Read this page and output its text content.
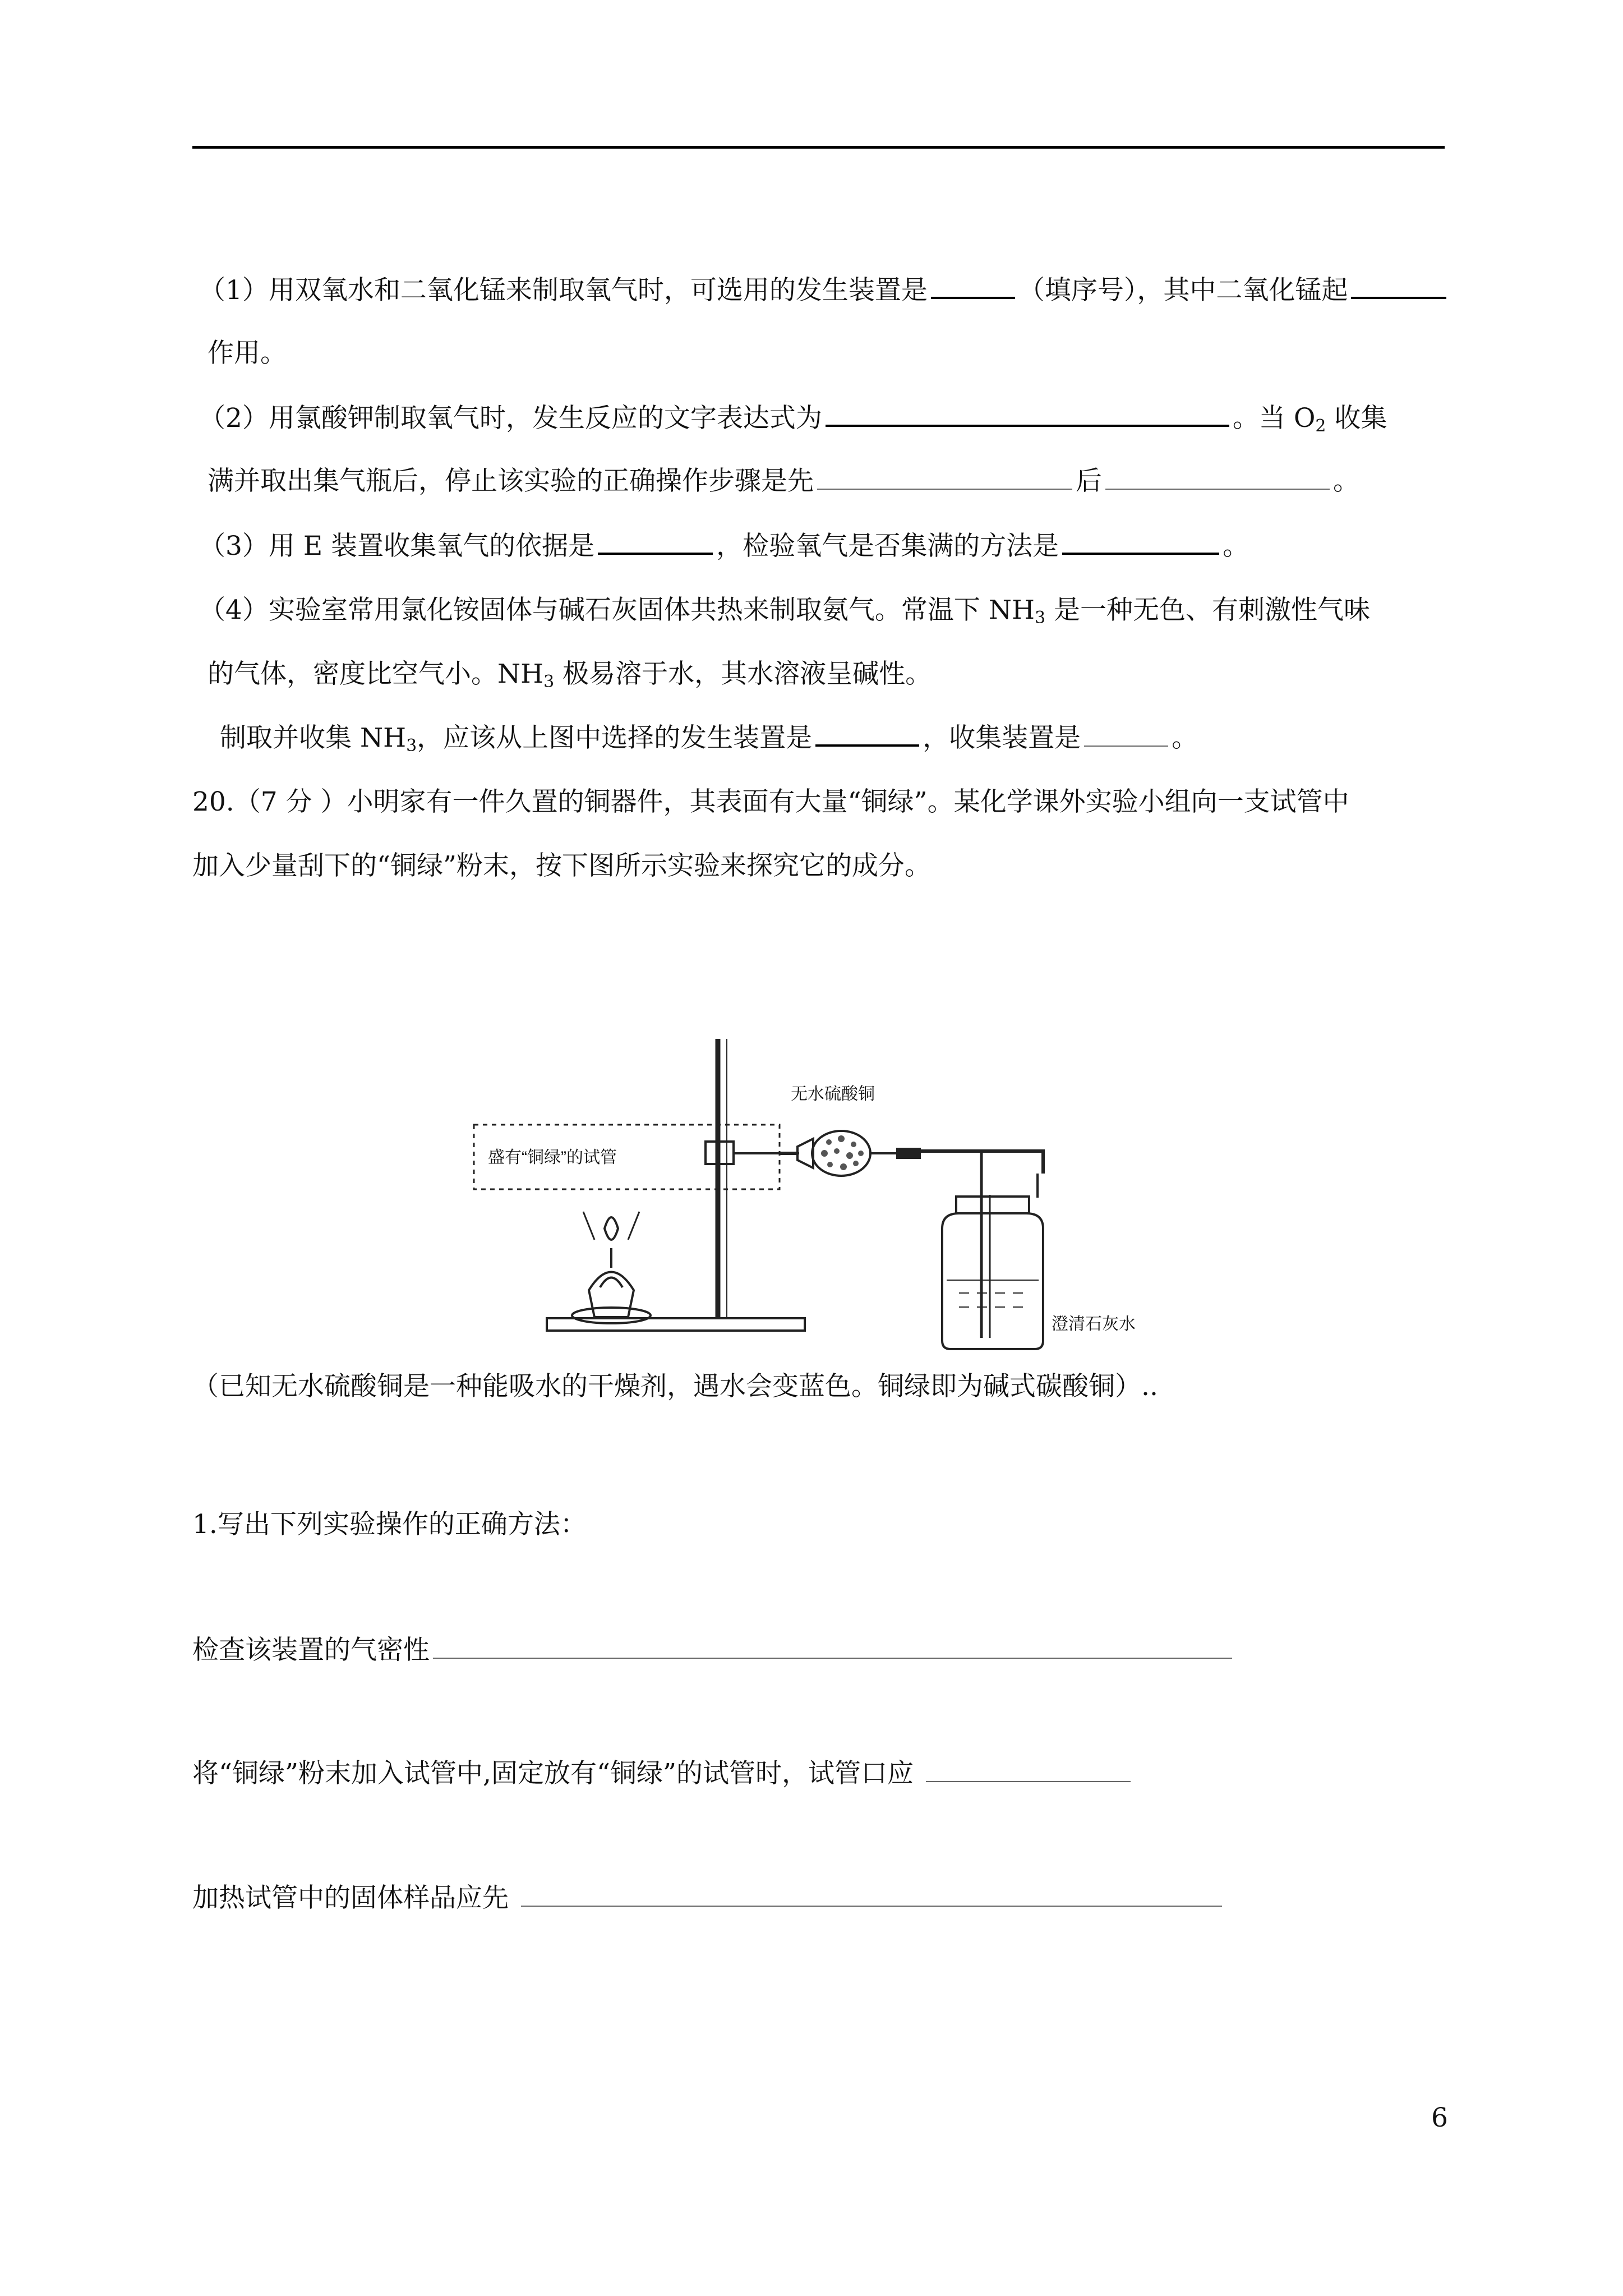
（1）用双氧水和二氧化锰来制取氧气时，可选用的发生装置是	（填序号），其中二氧化锰起
作用。
（2）用氯酸钾制取氧气时，发生反应的文字表达式为	。当 $O_2$ 收集
满并取出集气瓶后，停止该实验的正确操作步骤是先	后	。
（3）用 E 装置收集氧气的依据是	，检验氧气是否集满的方法是	。
（4）实验室常用氯化铵固体与碱石灰固体共热来制取氨气。常温下 $NH_3$ 是一种无色、有刺激性气味
的气体，密度比空气小。$NH_3$ 极易溶于水，其水溶液呈碱性。
制取并收集 $NH_3$，应该从上图中选择的发生装置是	，收集装置是	。
20.（7 分 ）小明家有一件久置的铜器件，其表面有大量“铜绿”。某化学课外实验小组向一支试管中
加入少量刮下的“铜绿”粉末，按下图所示实验来探究它的成分。
盛有“铜绿”的试管
无水硫酸铜
澄清石灰水
（已知无水硫酸铜是一种能吸水的干燥剂，遇水会变蓝色。铜绿即为碱式碳酸铜）..
1.写出下列实验操作的正确方法：
检查该装置的气密性
将“铜绿”粉末加入试管中,固定放有“铜绿”的试管时，试管口应
加热试管中的固体样品应先
6
